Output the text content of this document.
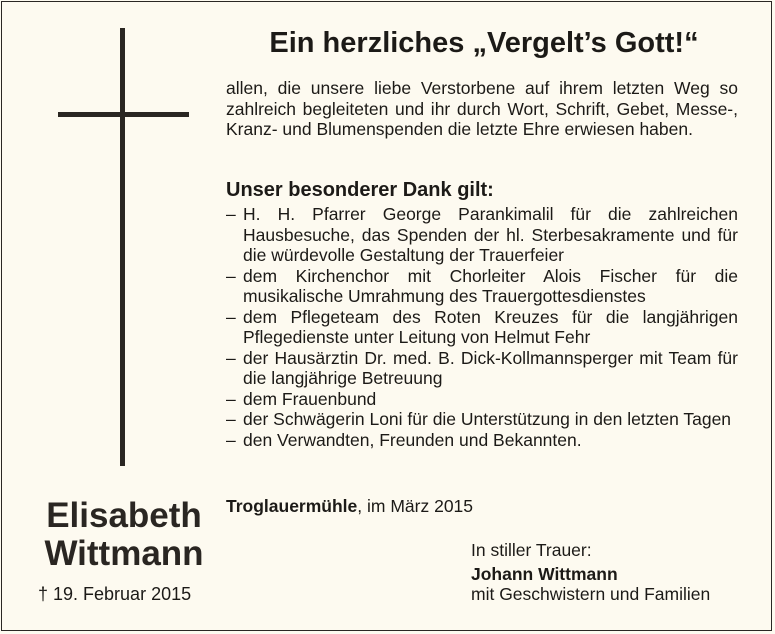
Elisabeth
Wittmann
† 19. Februar 2015
Ein herzliches „Vergelt’s Gott!“
allen, die unsere liebe Verstorbene auf ihrem letzten Weg so zahlreich begleiteten und ihr durch Wort, Schrift, Gebet, Messe-, Kranz- und Blumenspenden die letzte Ehre erwiesen haben.
Unser besonderer Dank gilt:
– H. H. Pfarrer George Parankimalil für die zahlreichen Hausbesuche, das Spenden der hl. Sterbesakramente und für die würdevolle Gestaltung der Trauerfeier
– dem Kirchenchor mit Chorleiter Alois Fischer für die musikalische Umrahmung des Trauergottesdienstes
– dem Pflegeteam des Roten Kreuzes für die langjährigen Pflegedienste unter Leitung von Helmut Fehr
– der Hausärztin Dr. med. B. Dick-Kollmannsperger mit Team für die langjährige Betreuung
– dem Frauenbund
– der Schwägerin Loni für die Unterstützung in den letzten Tagen
– den Verwandten, Freunden und Bekannten.
Troglauermühle, im März 2015
In stiller Trauer:
Johann Wittmann
mit Geschwistern und Familien
